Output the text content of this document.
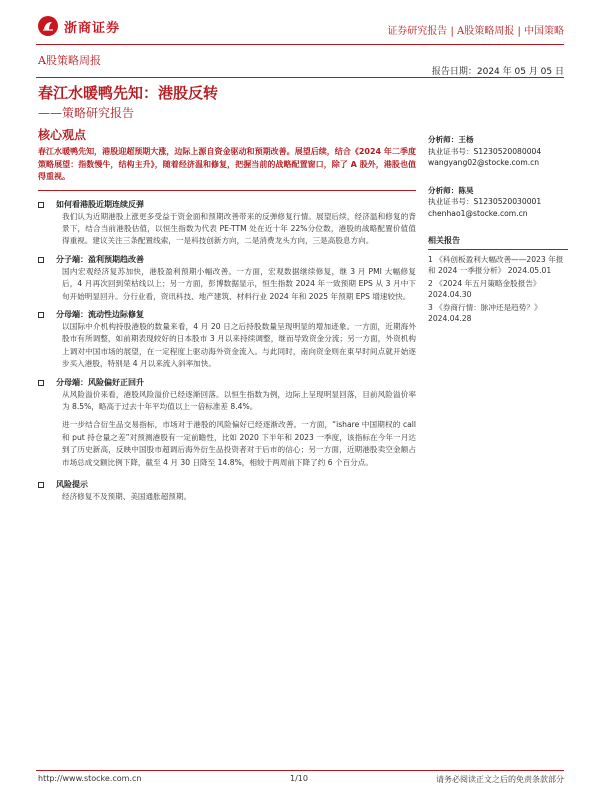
浙商证券	证券研究报告 | A股策略周报 | 中国策略
A股策略周报
报告日期：2024 年 05 月 05 日
春江水暖鸭先知：港股反转
——策略研究报告
核心观点
春江水暖鸭先知，港股迎超预期大涨，边际上源自资金驱动和预期改善。展望后续，结合《2024 年二季度策略展望：指数慢牛，结构主升》，随着经济温和修复，把握当前的战略配置窗口，除了 A 股外，港股也值得重视。
如何看港股近期连续反弹

我们认为近期港股上涨更多受益于资金面和预期改善带来的反弹修复行情。展望后续，经济温和修复的背景下，结合当前港股估值，以恒生指数为代表 PE-TTM 处在近十年 22%分位数，港股的战略配置价值值得重视。建议关注三条配置线索，一是科技创新方向，二是消费龙头方向，三是高股息方向。

分子端：盈利预期趋改善

国内宏观经济复苏加快，港股盈利预期小幅改善。一方面，宏观数据继续修复，继 3 月 PMI 大幅修复后，4 月再次回到荣枯线以上；另一方面，彭博数据显示，恒生指数 2024 年一致预期 EPS 从 3 月中下旬开始明显回升。分行业看，资讯科技、地产建筑、材料行业 2024 年和 2025 年预期 EPS 增速较快。

分母端：流动性边际修复

以国际中介机构持股港股的数量来看，4 月 20 日之后持股数量呈现明显的增加迹象。一方面，近期海外股市有所调整，如前期表现较好的日本股市 3 月以来持续调整，继而导致资金分流；另一方面，外资机构上调对中国市场的展望，在一定程度上驱动海外资金流入。与此同时，南向资金则在東早时间点就开始逐步买入港股，特别是 4 月以来流入斜率加快。

分母端：风险偏好正回升

从风险溢价来看，港股风险溢价已经逐渐回落。以恒生指数为例，边际上呈现明显回落，目前风险溢价率为 8.5%，略高于过去十年平均值以上一倍标准差 8.4%。

进一步结合衍生品交易指标，市场对于港股的风险偏好已经逐渐改善。一方面，“ishare 中国期权的 call 和 put 持仓量之差”对预测港股有一定前瞻性，比如 2020 下半年和 2023 一季度，该指标在今年一月达到了历史新高，反映中国股市超调后海外衍生品投资者对于后市的信心；另一方面，近期港股卖空金额占市场总成交额比例下降，截至 4 月 30 日降至 14.8%，相较于两周前下降了约 6 个百分点。

风险提示

经济修复不及预期、美国通胀超预期。

分析师：王杨
执业证书号：S1230520080004
wangyang02@stocke.com.cn
分析师：陈昊
执业证书号：S1230520030001
chenhao1@stocke.com.cn
相关报告
1 《科创板盈利大幅改善——2023 年报和 2024 一季报分析》 2024.05.01
2 《2024 年五月策略金股报告》 2024.04.30
3 《券商行情：脉冲还是趋势？》 2024.04.28
http://www.stocke.com.cn	1/10	请务必阅读正文之后的免责条款部分
